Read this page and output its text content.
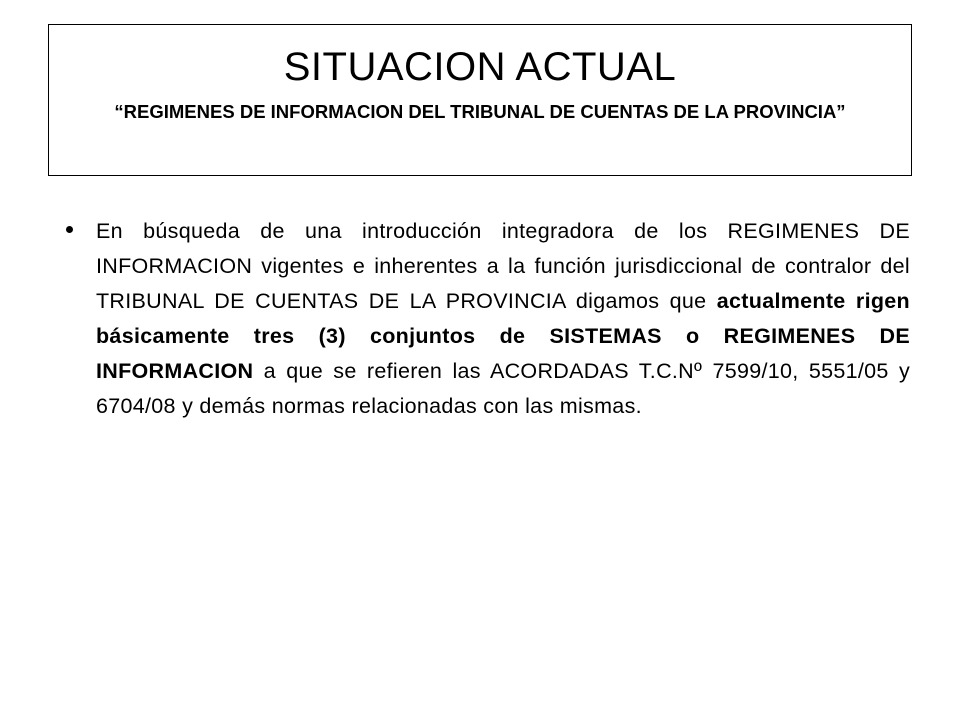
SITUACION ACTUAL
“REGIMENES DE INFORMACION DEL TRIBUNAL DE CUENTAS DE LA PROVINCIA”
En búsqueda de una introducción integradora de los REGIMENES DE INFORMACION vigentes e inherentes a la función jurisdiccional de contralor del TRIBUNAL DE CUENTAS DE LA PROVINCIA digamos que actualmente rigen básicamente tres (3) conjuntos de SISTEMAS o REGIMENES DE INFORMACION a que se refieren las ACORDADAS T.C.Nº 7599/10, 5551/05 y 6704/08 y demás normas relacionadas con las mismas.
